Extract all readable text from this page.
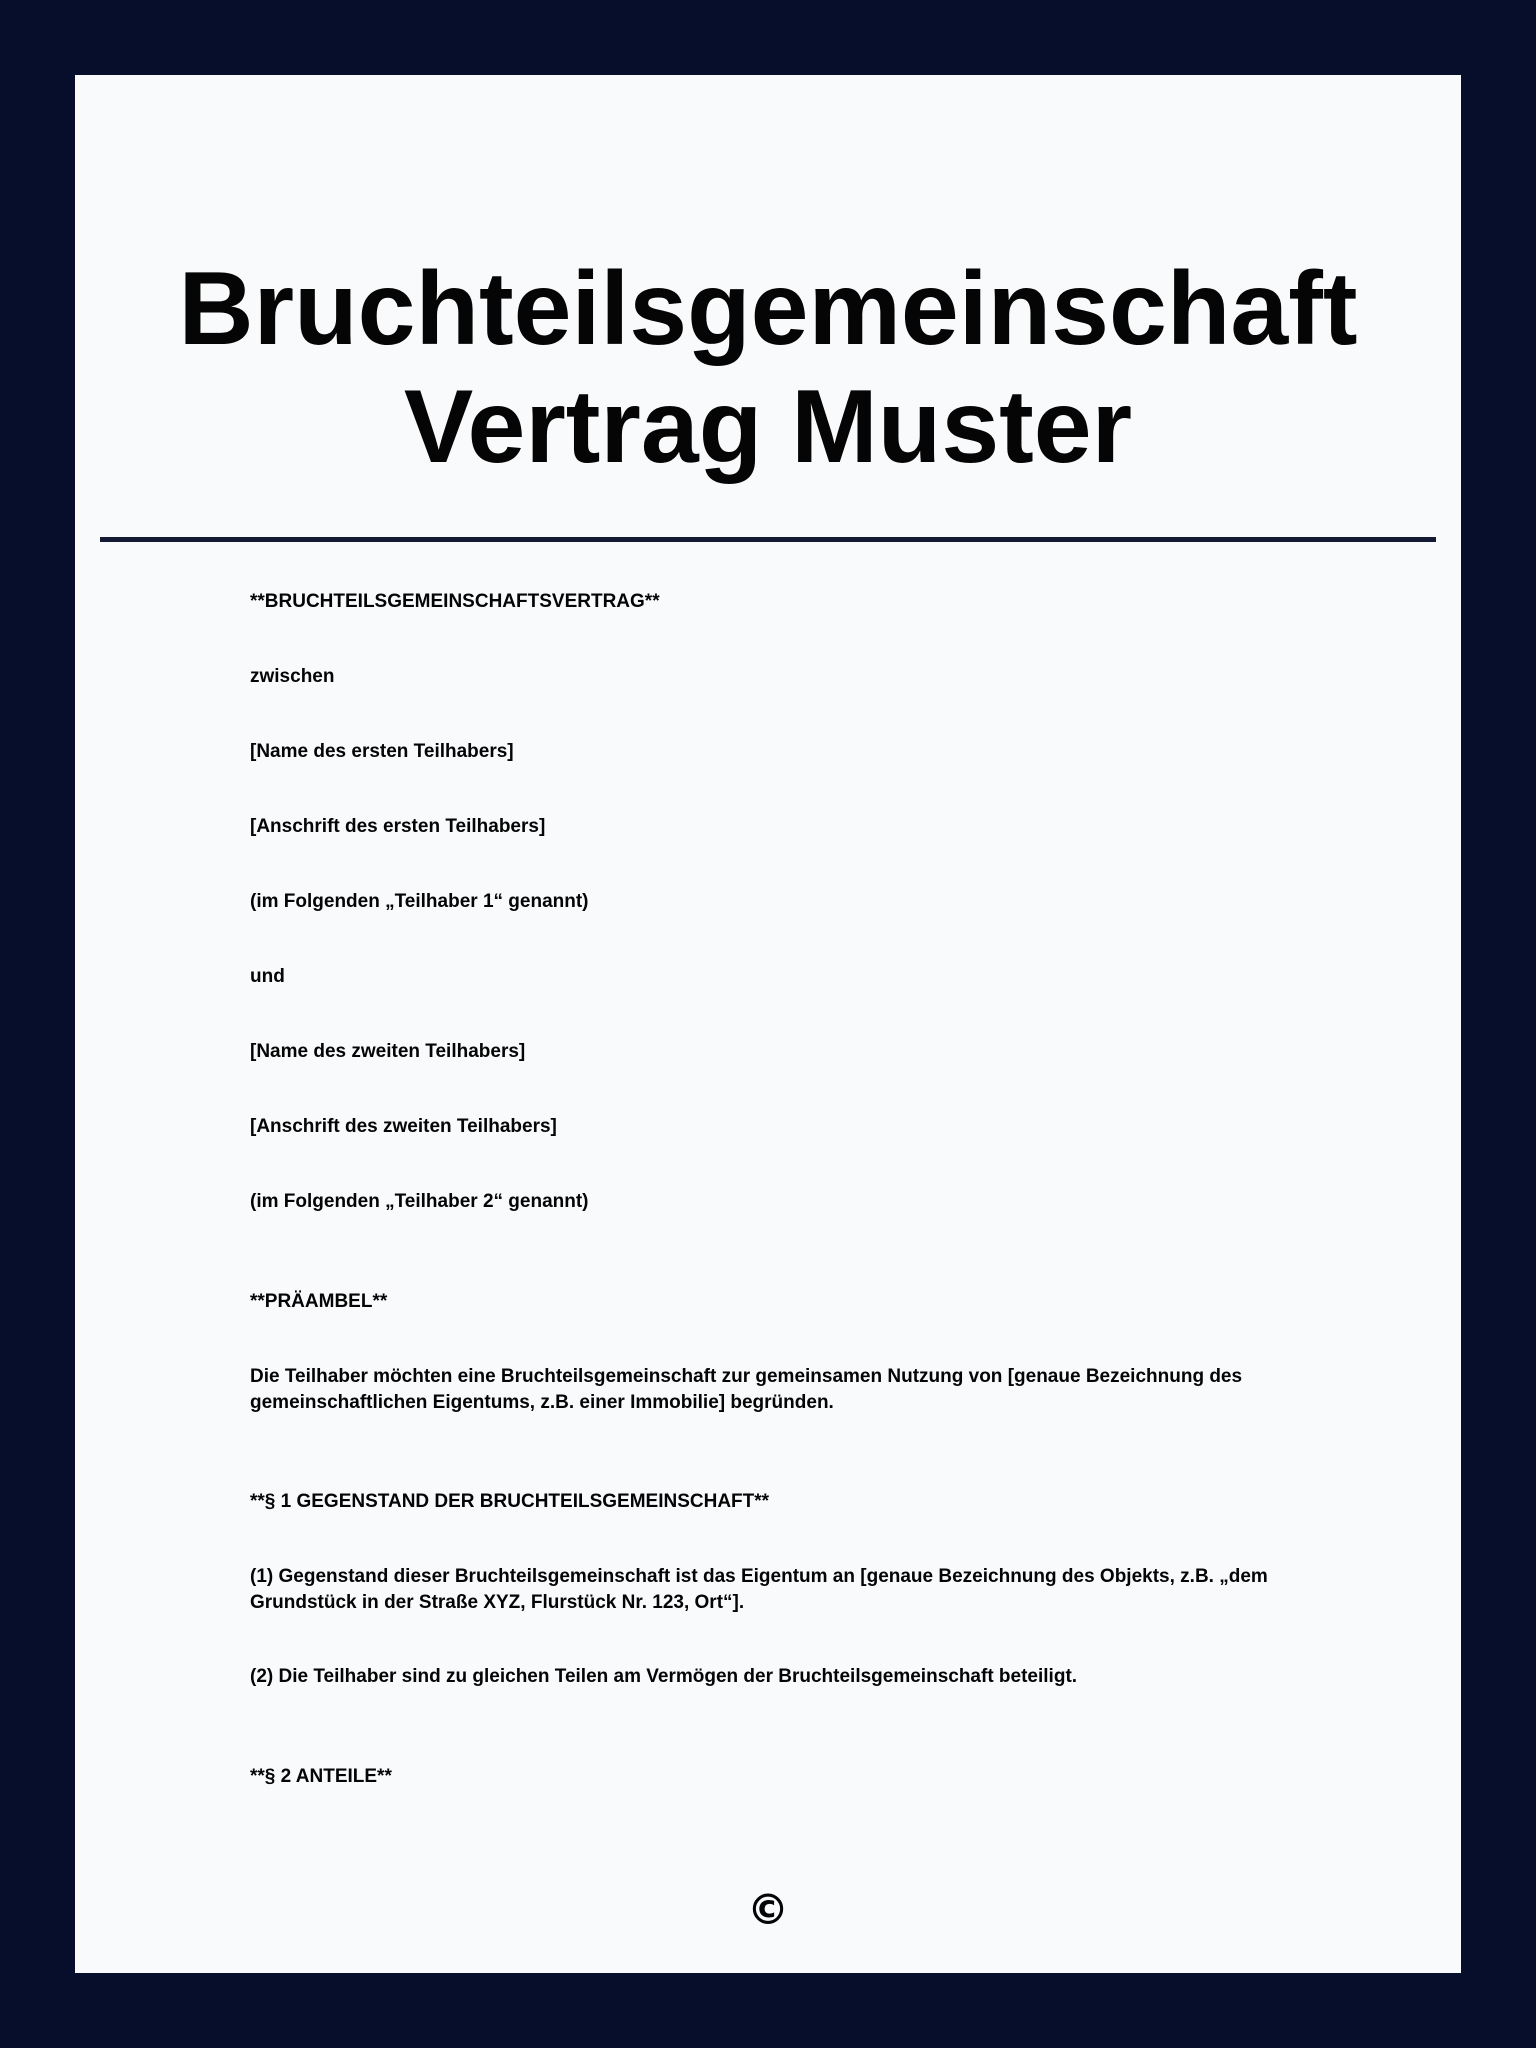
Bruchteilsgemeinschaft
Vertrag Muster

**BRUCHTEILSGEMEINSCHAFTSVERTRAG**

zwischen

[Name des ersten Teilhabers]

[Anschrift des ersten Teilhabers]

(im Folgenden „Teilhaber 1“ genannt)

und

[Name des zweiten Teilhabers]

[Anschrift des zweiten Teilhabers]

(im Folgenden „Teilhaber 2“ genannt)

**PRÄAMBEL**

Die Teilhaber möchten eine Bruchteilsgemeinschaft zur gemeinsamen Nutzung von [genaue Bezeichnung des gemeinschaftlichen Eigentums, z.B. einer Immobilie] begründen.

**§ 1 GEGENSTAND DER BRUCHTEILSGEMEINSCHAFT**

(1) Gegenstand dieser Bruchteilsgemeinschaft ist das Eigentum an [genaue Bezeichnung des Objekts, z.B. „dem Grundstück in der Straße XYZ, Flurstück Nr. 123, Ort“].

(2) Die Teilhaber sind zu gleichen Teilen am Vermögen der Bruchteilsgemeinschaft beteiligt.

**§ 2 ANTEILE**

©
